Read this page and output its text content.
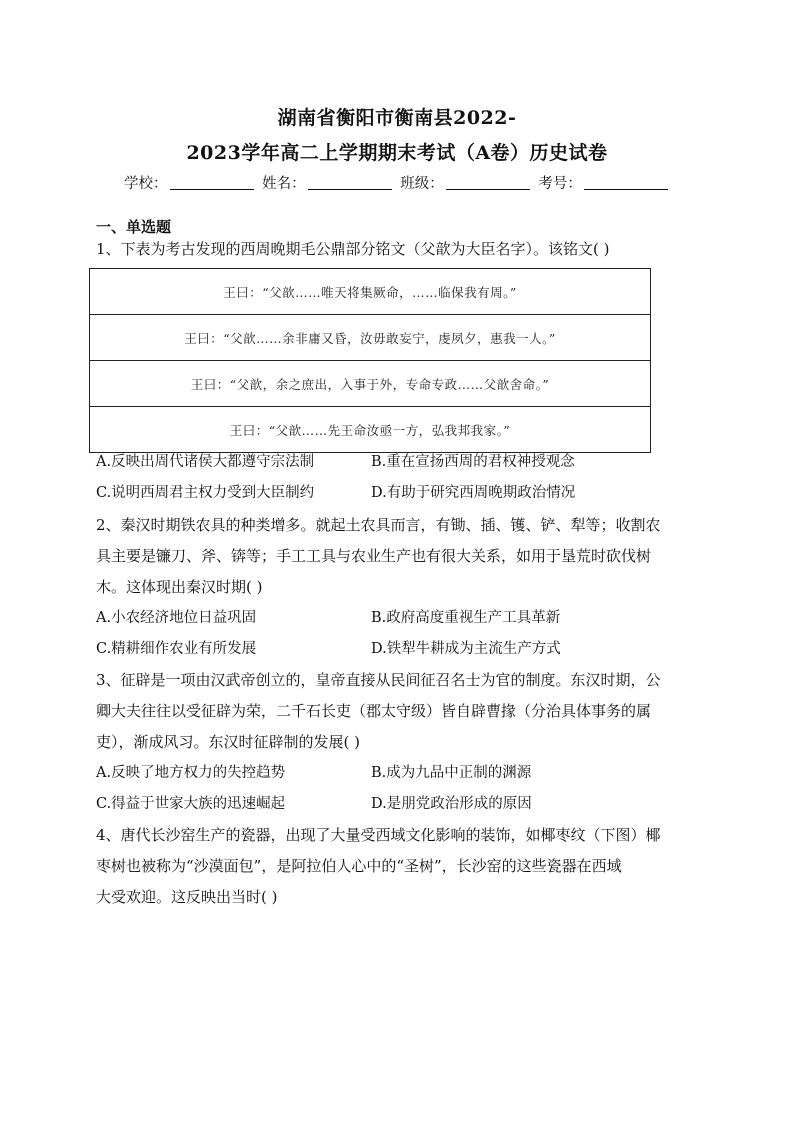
湖南省衡阳市衡南县2022-
2023学年高二上学期期末考试（A卷）历史试卷
学校：	姓名：	班级：	考号：
一、单选题
1、下表为考古发现的西周晚期毛公鼎部分铭文（父歆为大臣名字）。该铭文( )
王曰：“父歆……唯天将集厥命，……临保我有周。”
王曰：“父歆……余非庸又昏，汝毋敢妄宁，虔夙夕，惠我一人。”
王曰：“父歆，余之庶出，入事于外，专命专政……父歆舍命。”
王曰：“父歆……先王命汝亟一方，弘我邦我家。”
A.反映出周代诸侯大都遵守宗法制	B.重在宣扬西周的君权神授观念
C.说明西周君主权力受到大臣制约	D.有助于研究西周晚期政治情况
2、秦汉时期铁农具的种类增多。就起土农具而言，有锄、插、镬、铲、犁等；收割农
具主要是镰刀、斧、锛等；手工工具与农业生产也有很大关系，如用于垦荒时砍伐树
木。这体现出秦汉时期( )
A.小农经济地位日益巩固	B.政府高度重视生产工具革新
C.精耕细作农业有所发展	D.铁犁牛耕成为主流生产方式
3、征辟是一项由汉武帝创立的，皇帝直接从民间征召名士为官的制度。东汉时期，公
卿大夫往往以受征辟为荣，二千石长吏（郡太守级）皆自辟曹掾（分治具体事务的属
吏），渐成风习。东汉时征辟制的发展( )
A.反映了地方权力的失控趋势	B.成为九品中正制的渊源
C.得益于世家大族的迅速崛起	D.是朋党政治形成的原因
4、唐代长沙窑生产的瓷器，出现了大量受西域文化影响的装饰，如椰枣纹（下图）椰
枣树也被称为“沙漠面包”，是阿拉伯人心中的“圣树”，长沙窑的这些瓷器在西域
大受欢迎。这反映出当时( )
